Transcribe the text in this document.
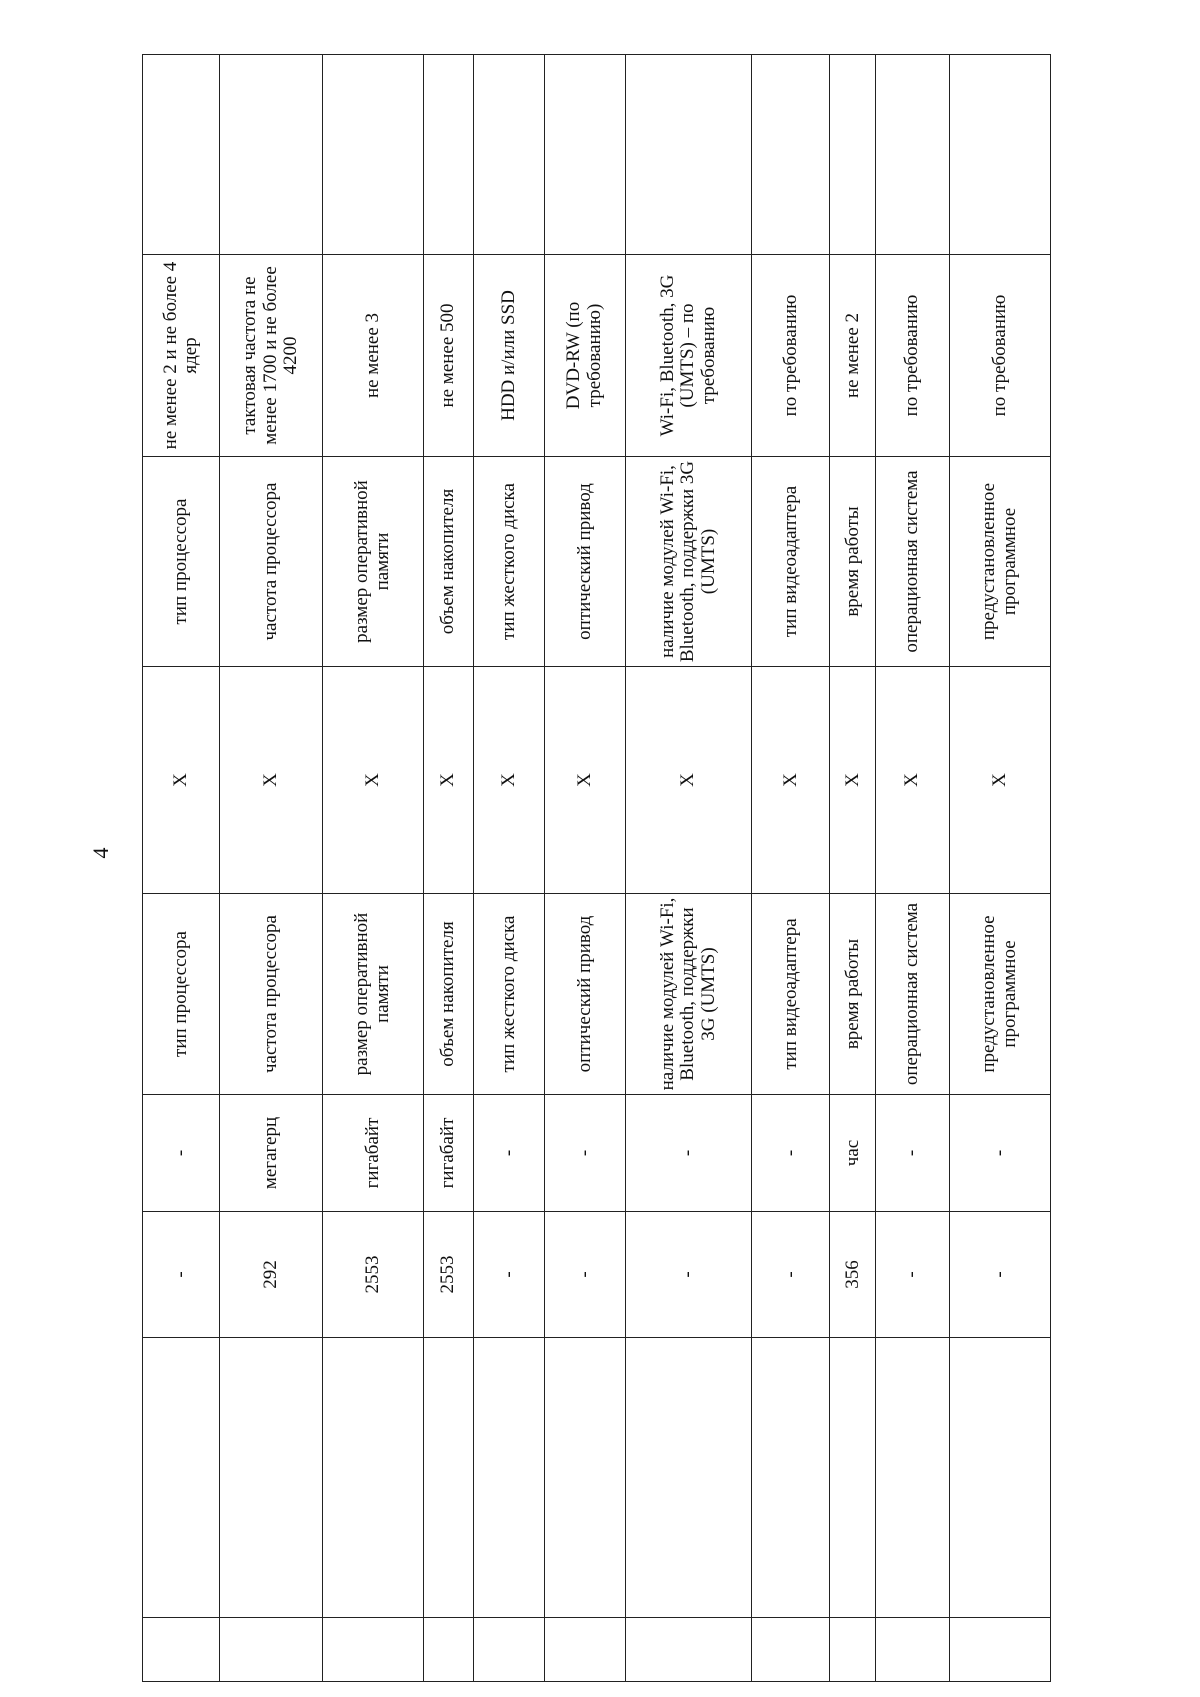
4
		-	-	тип процессора	X	тип процессора	не менее 2 и не более 4 ядер	
		292	мегагерц	частота процессора	X	частота процессора	тактовая частота не менее 1700 и не более 4200	
		2553	гигабайт	размер оперативной памяти	X	размер оперативной памяти	не менее 3	
		2553	гигабайт	объем накопителя	X	объем накопителя	не менее 500	
		-	-	тип жесткого диска	X	тип жесткого диска	HDD и/или SSD	
		-	-	оптический привод	X	оптический привод	DVD-RW (по требованию)	
		-	-	наличие модулей Wi-Fi, Bluetooth, поддержки 3G (UMTS)	X	наличие модулей Wi-Fi, Bluetooth, поддержки 3G (UMTS)	Wi-Fi, Bluetooth, 3G (UMTS) – по требованию	
		-	-	тип видеоадаптера	X	тип видеоадаптера	по требованию	
		356	час	время работы	X	время работы	не менее 2	
		-	-	операционная система	X	операционная система	по требованию	
		-	-	предустановленное программное	X	предустановленное программное	по требованию	
